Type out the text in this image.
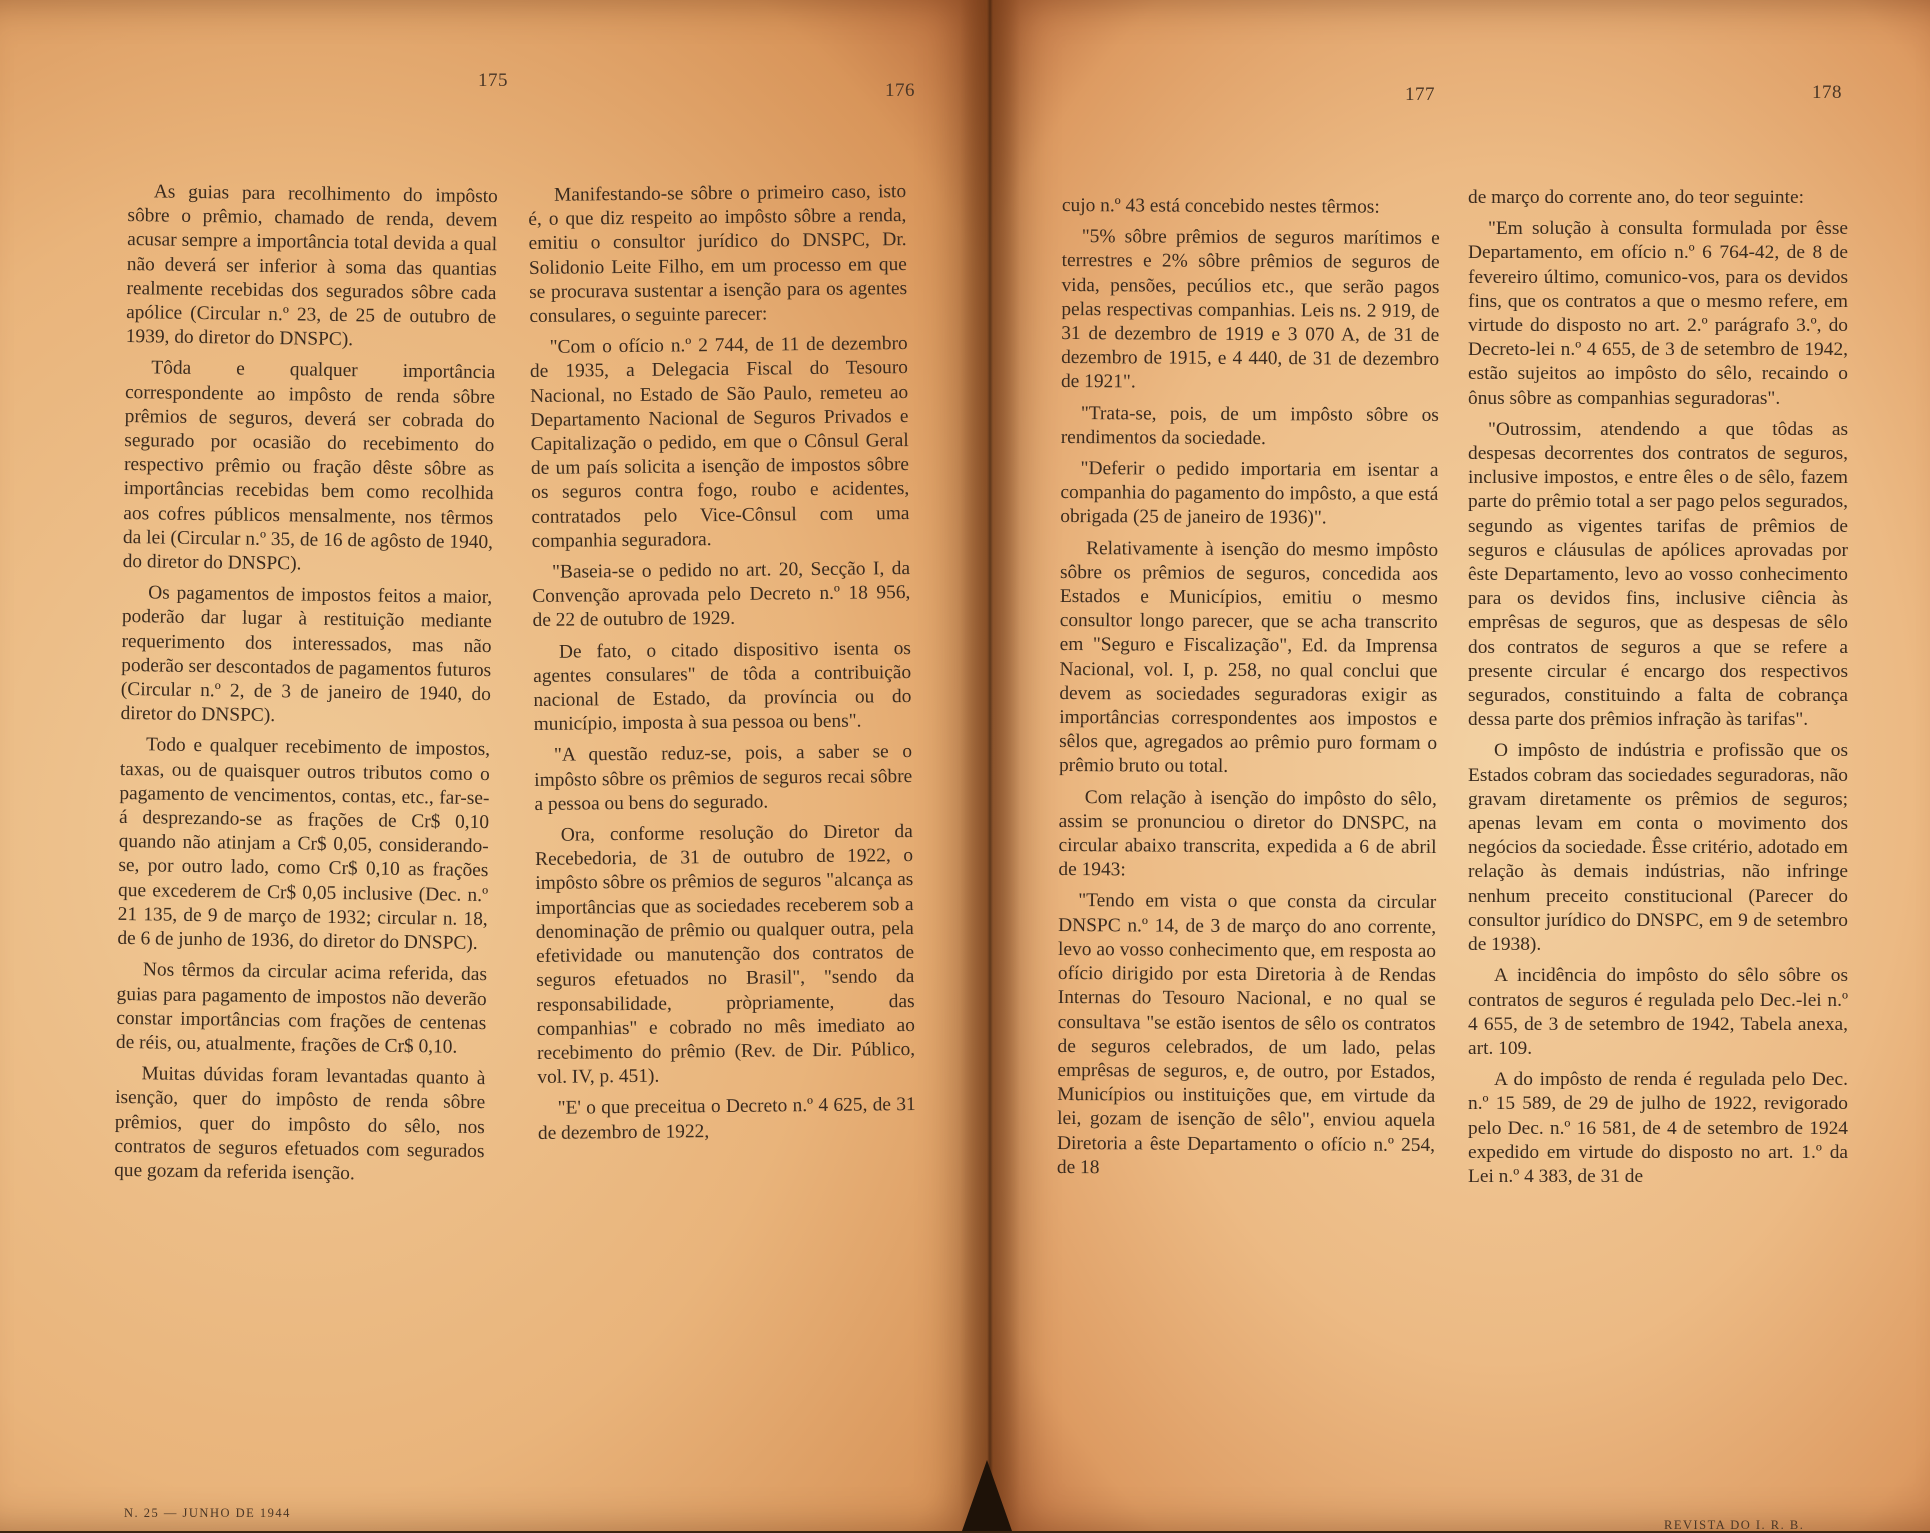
175	176	177	178

As guias para recolhimento do impôsto sôbre o prêmio, chamado de renda, devem acusar sempre a importância total devida a qual não deverá ser inferior à soma das quantias realmente recebidas dos segurados sôbre cada apólice (Circular n.º 23, de 25 de outubro de 1939, do diretor do DNSPC).

Tôda e qualquer importância correspondente ao impôsto de renda sôbre prêmios de seguros, deverá ser cobrada do segurado por ocasião do recebimento do respectivo prêmio ou fração dêste sôbre as importâncias recebidas bem como recolhida aos cofres públicos mensalmente, nos têrmos da lei (Circular n.º 35, de 16 de agôsto de 1940, do diretor do DNSPC).

Os pagamentos de impostos feitos a maior, poderão dar lugar à restituição mediante requerimento dos interessados, mas não poderão ser descontados de pagamentos futuros (Circular n.º 2, de 3 de janeiro de 1940, do diretor do DNSPC).

Todo e qualquer recebimento de impostos, taxas, ou de quaisquer outros tributos como o pagamento de vencimentos, contas, etc., far-se-á desprezando-se as frações de Cr$ 0,10 quando não atinjam a Cr$ 0,05, considerando-se, por outro lado, como Cr$ 0,10 as frações que excederem de Cr$ 0,05 inclusive (Dec. n.º 21 135, de 9 de março de 1932; circular n. 18, de 6 de junho de 1936, do diretor do DNSPC).

Nos têrmos da circular acima referida, das guias para pagamento de impostos não deverão constar importâncias com frações de centenas de réis, ou, atualmente, frações de Cr$ 0,10.

Muitas dúvidas foram levantadas quanto à isenção, quer do impôsto de renda sôbre prêmios, quer do impôsto do sêlo, nos contratos de seguros efetuados com segurados que gozam da referida isenção.

Manifestando-se sôbre o primeiro caso, isto é, o que diz respeito ao impôsto sôbre a renda, emitiu o consultor jurídico do DNSPC, Dr. Solidonio Leite Filho, em um processo em que se procurava sustentar a isenção para os agentes consulares, o seguinte parecer:

"Com o ofício n.º 2 744, de 11 de dezembro de 1935, a Delegacia Fiscal do Tesouro Nacional, no Estado de São Paulo, remeteu ao Departamento Nacional de Seguros Privados e Capitalização o pedido, em que o Cônsul Geral de um país solicita a isenção de impostos sôbre os seguros contra fogo, roubo e acidentes, contratados pelo Vice-Cônsul com uma companhia seguradora.

"Baseia-se o pedido no art. 20, Secção I, da Convenção aprovada pelo Decreto n.º 18 956, de 22 de outubro de 1929.

De fato, o citado dispositivo isenta os agentes consulares" de tôda a contribuição nacional de Estado, da província ou do município, imposta à sua pessoa ou bens".

"A questão reduz-se, pois, a saber se o impôsto sôbre os prêmios de seguros recai sôbre a pessoa ou bens do segurado.

Ora, conforme resolução do Diretor da Recebedoria, de 31 de outubro de 1922, o impôsto sôbre os prêmios de seguros "alcança as importâncias que as sociedades receberem sob a denominação de prêmio ou qualquer outra, pela efetividade ou manutenção dos contratos de seguros efetuados no Brasil", "sendo da responsabilidade, pròpriamente, das companhias" e cobrado no mês imediato ao recebimento do prêmio (Rev. de Dir. Público, vol. IV, p. 451).

"E' o que preceitua o Decreto n.º 4 625, de 31 de dezembro de 1922,

cujo n.º 43 está concebido nestes têrmos:

"5% sôbre prêmios de seguros marítimos e terrestres e 2% sôbre prêmios de seguros de vida, pensões, pecúlios etc., que serão pagos pelas respectivas companhias. Leis ns. 2 919, de 31 de dezembro de 1919 e 3 070 A, de 31 de dezembro de 1915, e 4 440, de 31 de dezembro de 1921".

"Trata-se, pois, de um impôsto sôbre os rendimentos da sociedade.

"Deferir o pedido importaria em isentar a companhia do pagamento do impôsto, a que está obrigada (25 de janeiro de 1936)".

Relativamente à isenção do mesmo impôsto sôbre os prêmios de seguros, concedida aos Estados e Municípios, emitiu o mesmo consultor longo parecer, que se acha transcrito em "Seguro e Fiscalização", Ed. da Imprensa Nacional, vol. I, p. 258, no qual conclui que devem as sociedades seguradoras exigir as importâncias correspondentes aos impostos e sêlos que, agregados ao prêmio puro formam o prêmio bruto ou total.

Com relação à isenção do impôsto do sêlo, assim se pronunciou o diretor do DNSPC, na circular abaixo transcrita, expedida a 6 de abril de 1943:

"Tendo em vista o que consta da circular DNSPC n.º 14, de 3 de março do ano corrente, levo ao vosso conhecimento que, em resposta ao ofício dirigido por esta Diretoria à de Rendas Internas do Tesouro Nacional, e no qual se consultava "se estão isentos de sêlo os contratos de seguros celebrados, de um lado, pelas emprêsas de seguros, e, de outro, por Estados, Municípios ou instituições que, em virtude da lei, gozam de isenção de sêlo", enviou aquela Diretoria a êste Departamento o ofício n.º 254, de 18

de março do corrente ano, do teor seguinte:

"Em solução à consulta formulada por êsse Departamento, em ofício n.º 6 764-42, de 8 de fevereiro último, comunico-vos, para os devidos fins, que os contratos a que o mesmo refere, em virtude do disposto no art. 2.º parágrafo 3.º, do Decreto-lei n.º 4 655, de 3 de setembro de 1942, estão sujeitos ao impôsto do sêlo, recaindo o ônus sôbre as companhias seguradoras".

"Outrossim, atendendo a que tôdas as despesas decorrentes dos contratos de seguros, inclusive impostos, e entre êles o de sêlo, fazem parte do prêmio total a ser pago pelos segurados, segundo as vigentes tarifas de prêmios de seguros e cláusulas de apólices aprovadas por êste Departamento, levo ao vosso conhecimento para os devidos fins, inclusive ciência às emprêsas de seguros, que as despesas de sêlo dos contratos de seguros a que se refere a presente circular é encargo dos respectivos segurados, constituindo a falta de cobrança dessa parte dos prêmios infração às tarifas".

O impôsto de indústria e profissão que os Estados cobram das sociedades seguradoras, não gravam diretamente os prêmios de seguros; apenas levam em conta o movimento dos negócios da sociedade. Êsse critério, adotado em relação às demais indústrias, não infringe nenhum preceito constitucional (Parecer do consultor jurídico do DNSPC, em 9 de setembro de 1938).

A incidência do impôsto do sêlo sôbre os contratos de seguros é regulada pelo Dec.-lei n.º 4 655, de 3 de setembro de 1942, Tabela anexa, art. 109.

A do impôsto de renda é regulada pelo Dec. n.º 15 589, de 29 de julho de 1922, revigorado pelo Dec. n.º 16 581, de 4 de setembro de 1924 expedido em virtude do disposto no art. 1.º da Lei n.º 4 383, de 31 de

N. 25 — JUNHO DE 1944
REVISTA DO I. R. B.
